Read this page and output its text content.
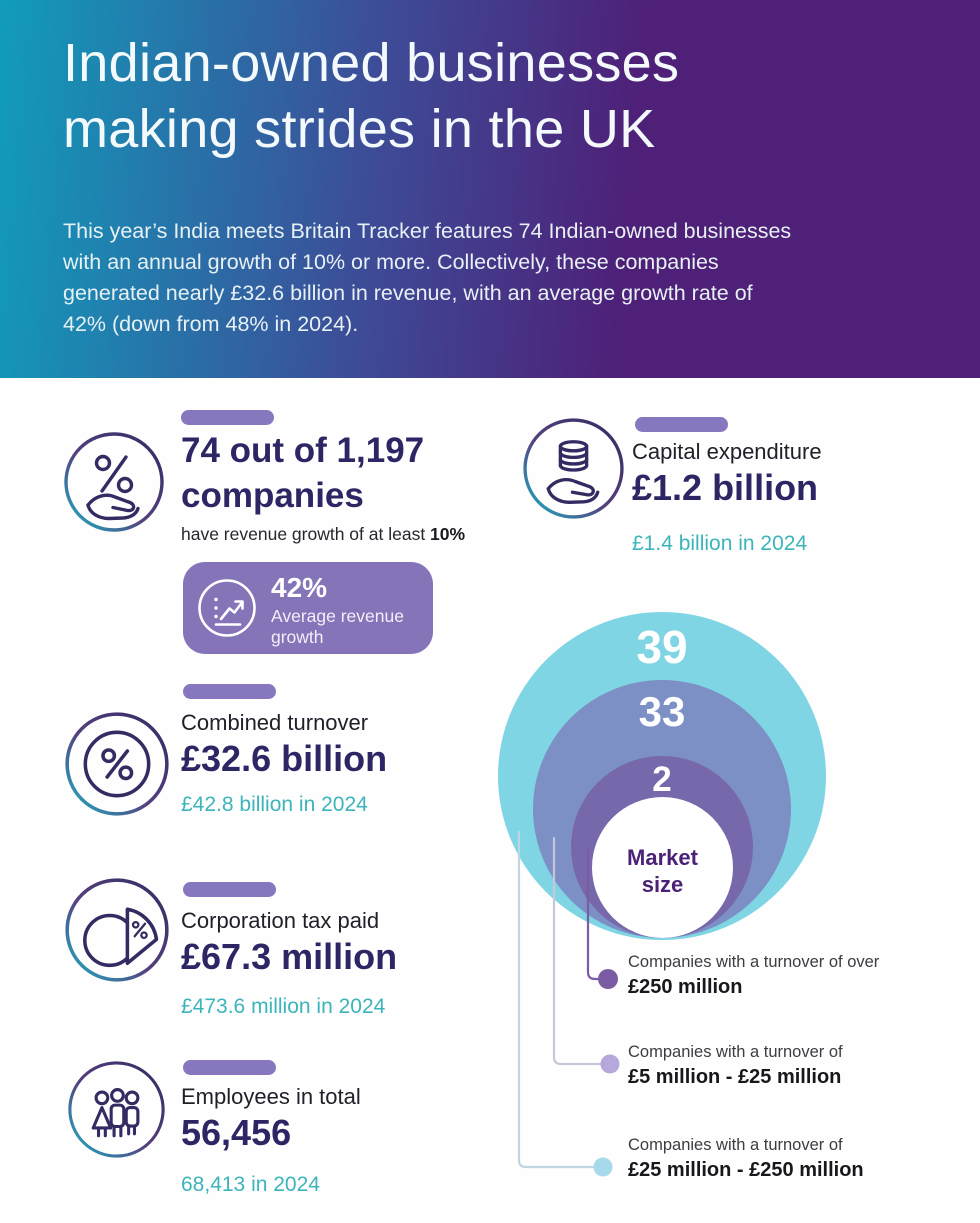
Indian-owned businesses
making strides in the UK
This year’s India meets Britain Tracker features 74 Indian-owned businesses
with an annual growth of 10% or more. Collectively, these companies
generated nearly £32.6 billion in revenue, with an average growth rate of
42% (down from 48% in 2024).
74 out of 1,197
companies
have revenue growth of at least 10%
42%
Average revenue growth
Combined turnover
£32.6 billion
£42.8 billion in 2024
Corporation tax paid
£67.3 million
£473.6 million in 2024
Employees in total
56,456
68,413 in 2024
Capital expenditure
£1.2 billion
£1.4 billion in 2024
39
33
2
Market size
Companies with a turnover of over
£250 million
Companies with a turnover of
£5 million - £25 million
Companies with a turnover of
£25 million - £250 million
